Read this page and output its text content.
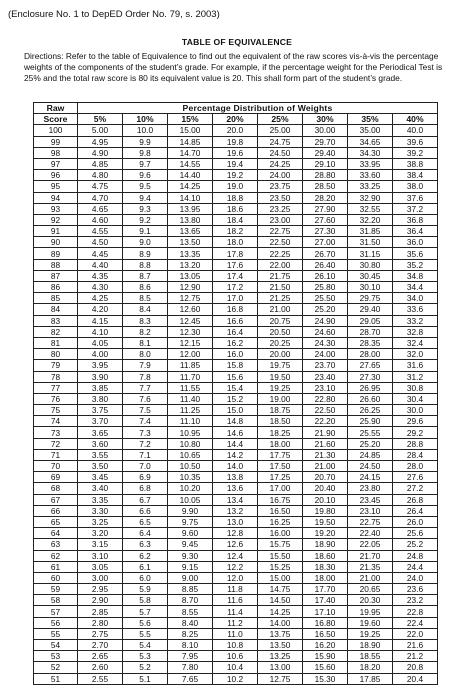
(Enclosure No. 1 to DepED Order No. 79, s. 2003)
TABLE OF EQUIVALENCE
Directions: Refer to the table of Equivalence to find out the equivalent of the raw scores vis-à-vis the percentage weights of the components of the student’s grade. For example, if the percentage weight for the Periodical Test is 25% and the total raw score is 80 its equivalent value is 20. This shall form part of the student’s grade.
Raw	Percentage Distribution of Weights							
Score	5%	10%	15%	20%	25%	30%	35%	40%
100	5.00	10.0	15.00	20.0	25.00	30.00	35.00	40.0
99	4.95	9.9	14.85	19.8	24.75	29.70	34.65	39.6
98	4.90	9.8	14.70	19.6	24.50	29.40	34.30	39.2
97	4.85	9.7	14.55	19.4	24.25	29.10	33.95	38.8
96	4.80	9.6	14.40	19.2	24.00	28.80	33.60	38.4
95	4.75	9.5	14.25	19.0	23.75	28.50	33.25	38.0
94	4.70	9.4	14.10	18.8	23.50	28.20	32.90	37.6
93	4.65	9.3	13.95	18.6	23.25	27.90	32.55	37.2
92	4.60	9.2	13.80	18.4	23.00	27.60	32.20	36.8
91	4.55	9.1	13.65	18.2	22.75	27.30	31.85	36.4
90	4.50	9.0	13.50	18.0	22.50	27.00	31.50	36.0
89	4.45	8.9	13.35	17.8	22.25	26.70	31.15	35.6
88	4.40	8.8	13.20	17.6	22.00	26.40	30.80	35.2
87	4.35	8.7	13.05	17.4	21.75	26.10	30.45	34.8
86	4.30	8.6	12.90	17.2	21.50	25.80	30.10	34.4
85	4.25	8.5	12.75	17.0	21.25	25.50	29.75	34.0
84	4.20	8.4	12.60	16.8	21.00	25.20	29.40	33.6
83	4.15	8.3	12.45	16.6	20.75	24.90	29.05	33.2
82	4.10	8.2	12.30	16.4	20.50	24.60	28.70	32.8
81	4.05	8.1	12.15	16.2	20.25	24.30	28.35	32.4
80	4.00	8.0	12.00	16.0	20.00	24.00	28.00	32.0
79	3.95	7.9	11.85	15.8	19.75	23.70	27.65	31.6
78	3.90	7.8	11.70	15.6	19.50	23.40	27.30	31.2
77	3.85	7.7	11.55	15.4	19.25	23.10	26.95	30.8
76	3.80	7.6	11.40	15.2	19.00	22.80	26.60	30.4
75	3.75	7.5	11.25	15.0	18.75	22.50	26.25	30.0
74	3.70	7.4	11.10	14.8	18.50	22.20	25.90	29.6
73	3.65	7.3	10.95	14.6	18.25	21.90	25.55	29.2
72	3.60	7.2	10.80	14.4	18.00	21.60	25.20	28.8
71	3.55	7.1	10.65	14.2	17.75	21.30	24.85	28.4
70	3.50	7.0	10.50	14.0	17.50	21.00	24.50	28.0
69	3.45	6.9	10.35	13.8	17.25	20.70	24.15	27.6
68	3.40	6.8	10.20	13.6	17.00	20.40	23.80	27.2
67	3.35	6.7	10.05	13.4	16.75	20.10	23.45	26.8
66	3.30	6.6	9.90	13.2	16.50	19.80	23.10	26.4
65	3.25	6.5	9.75	13.0	16.25	19.50	22.75	26.0
64	3.20	6.4	9.60	12.8	16.00	19.20	22.40	25.6
63	3.15	6.3	9.45	12.6	15.75	18.90	22.05	25.2
62	3.10	6.2	9.30	12.4	15.50	18.60	21.70	24.8
61	3.05	6.1	9.15	12.2	15.25	18.30	21.35	24.4
60	3.00	6.0	9.00	12.0	15.00	18.00	21.00	24.0
59	2.95	5.9	8.85	11.8	14.75	17.70	20.65	23.6
58	2.90	5.8	8.70	11.6	14.50	17.40	20.30	23.2
57	2.85	5.7	8.55	11.4	14.25	17.10	19.95	22.8
56	2.80	5.6	8.40	11.2	14.00	16.80	19.60	22.4
55	2.75	5.5	8.25	11.0	13.75	16.50	19.25	22.0
54	2.70	5.4	8.10	10.8	13.50	16.20	18.90	21.6
53	2.65	5.3	7.95	10.6	13.25	15.90	18.55	21.2
52	2.60	5.2	7.80	10.4	13.00	15.60	18.20	20.8
51	2.55	5.1	7.65	10.2	12.75	15.30	17.85	20.4
